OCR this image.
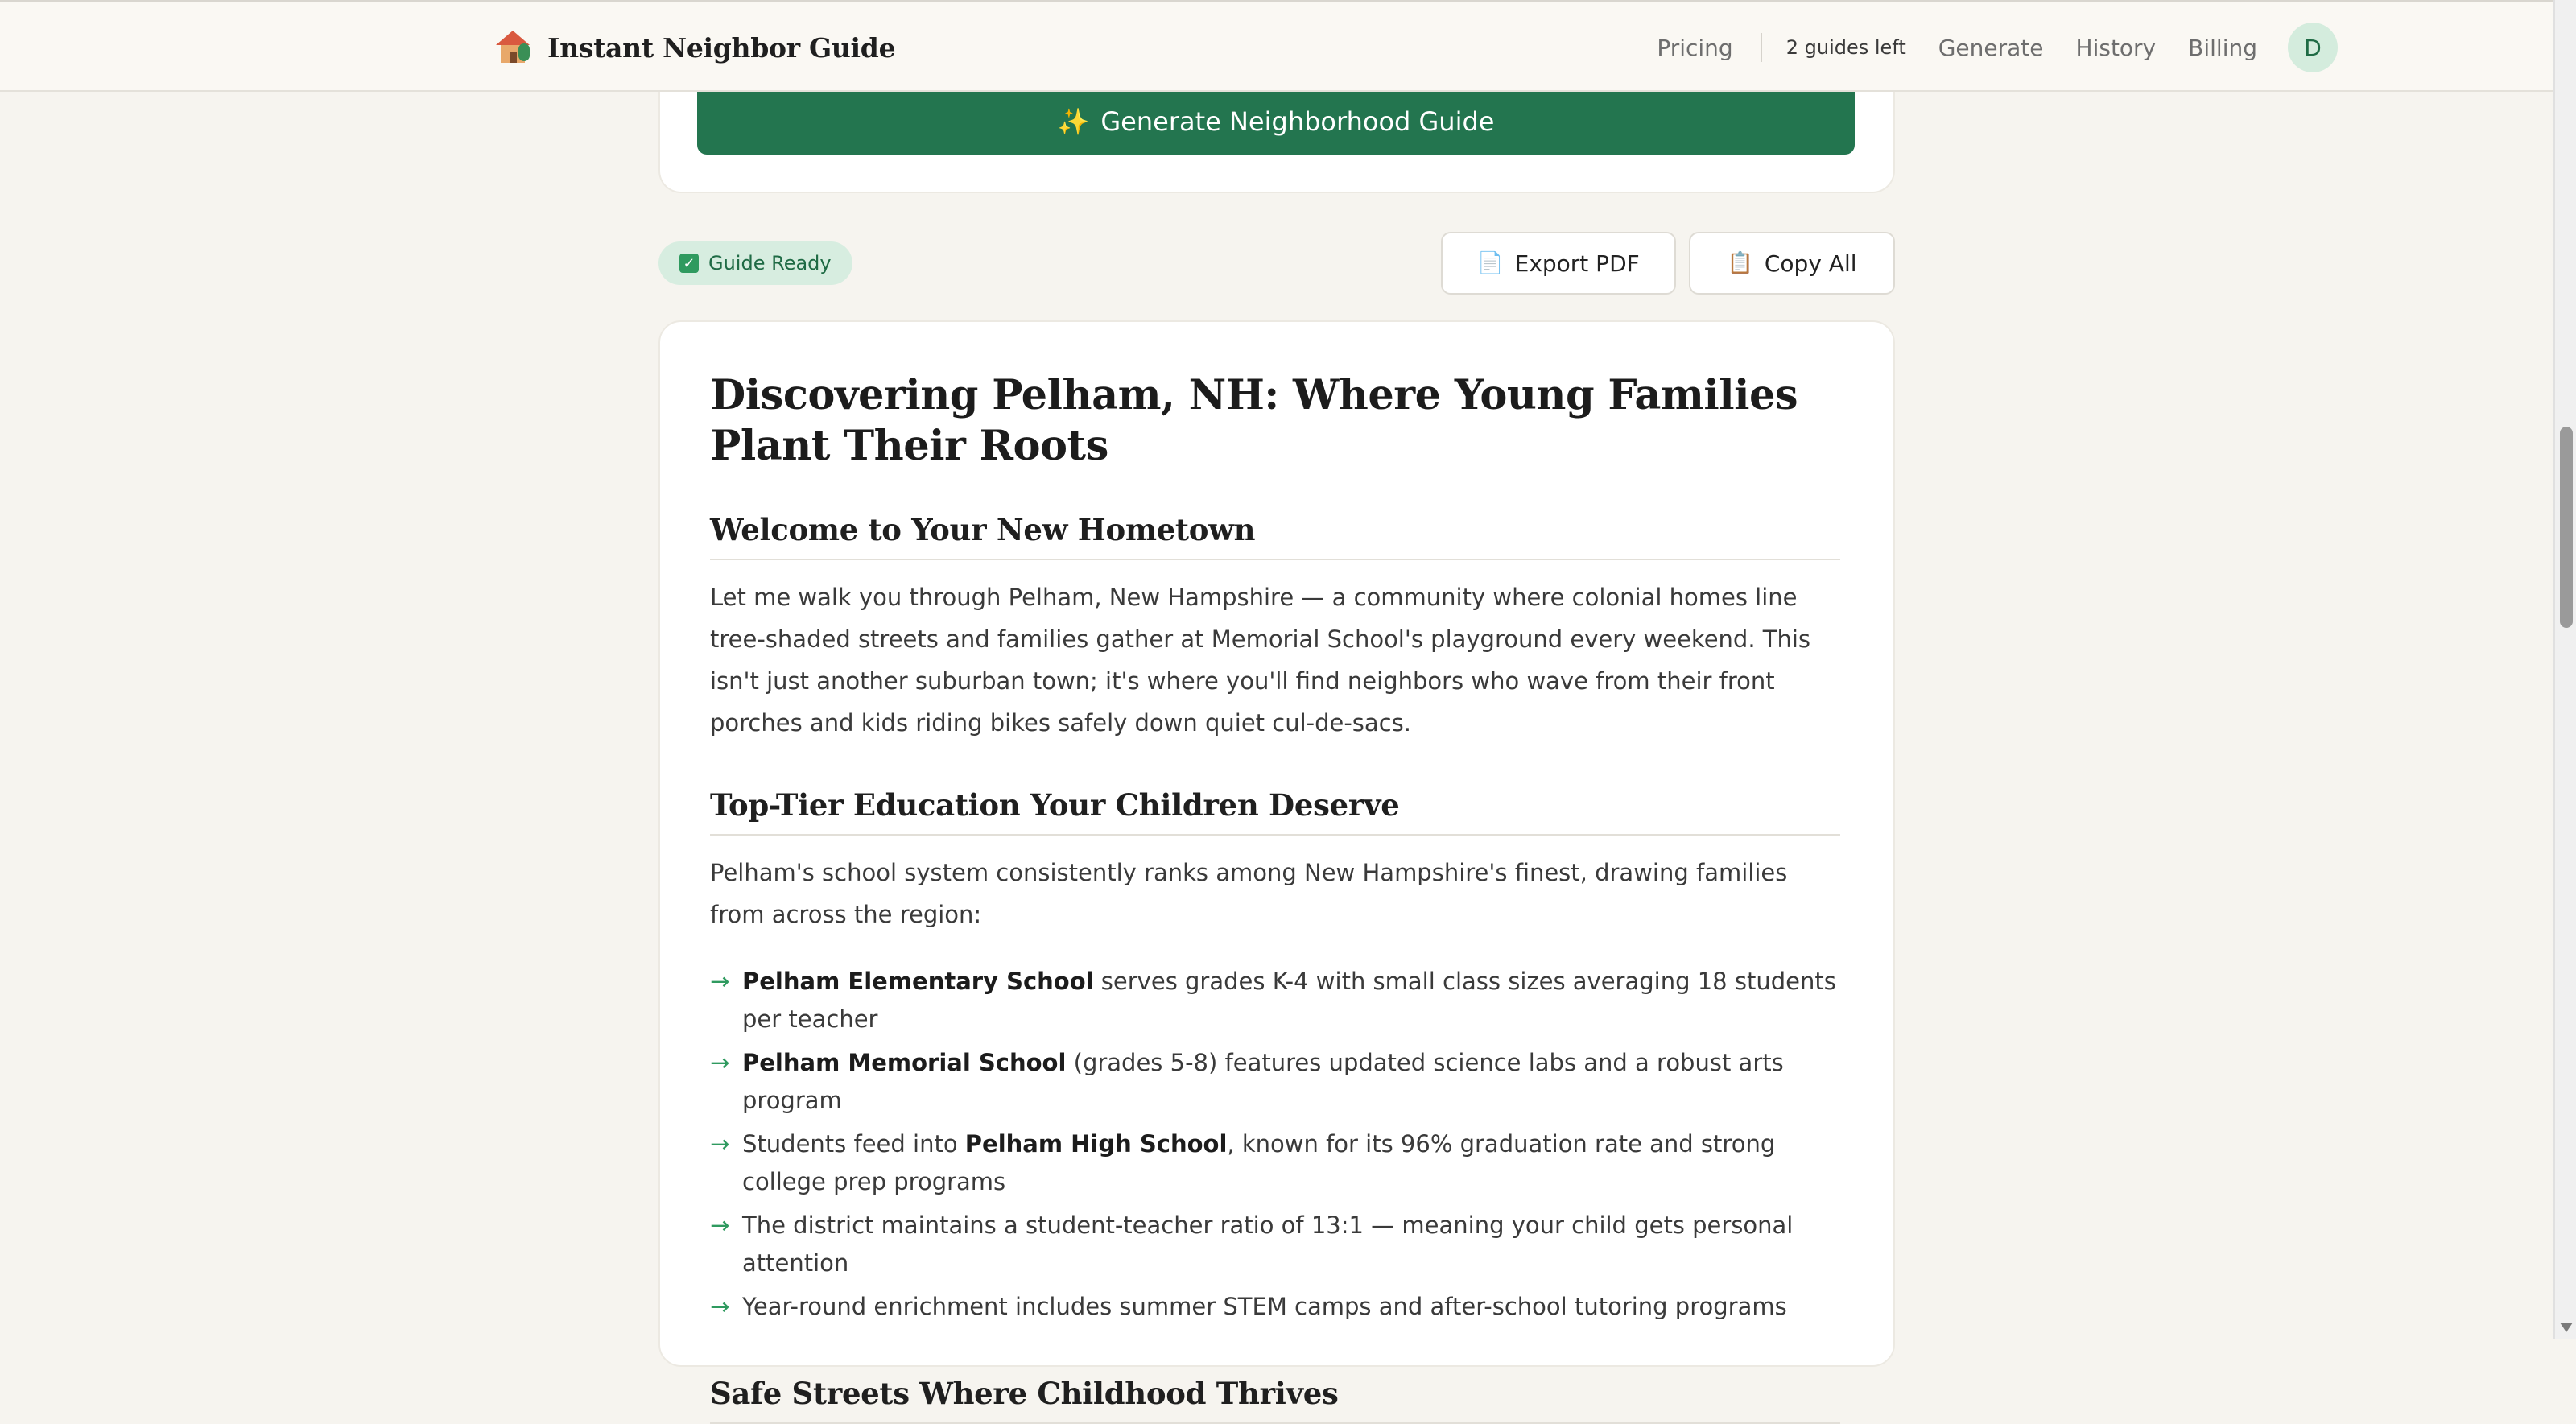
Instant Neighbor Guide	Pricing	2 guides left Generate History Billing	D
✨ Generate Neighborhood Guide
✓ Guide Ready	📄 Export PDF	📋 Copy All
Discovering Pelham, NH: Where Young Families Plant Their Roots
Welcome to Your New Hometown

Let me walk you through Pelham, New Hampshire — a community where colonial homes line tree-shaded streets and families gather at Memorial School's playground every weekend. This isn't just another suburban town; it's where you'll find neighbors who wave from their front porches and kids riding bikes safely down quiet cul-de-sacs.

Top-Tier Education Your Children Deserve

Pelham's school system consistently ranks among New Hampshire's finest, drawing families from across the region:

→ Pelham Elementary School serves grades K-4 with small class sizes averaging 18 students per teacher
→ Pelham Memorial School (grades 5-8) features updated science labs and a robust arts program
→ Students feed into Pelham High School, known for its 96% graduation rate and strong college prep programs
→ The district maintains a student-teacher ratio of 13:1 — meaning your child gets personal attention
→ Year-round enrichment includes summer STEM camps and after-school tutoring programs
Safe Streets Where Childhood Thrives
